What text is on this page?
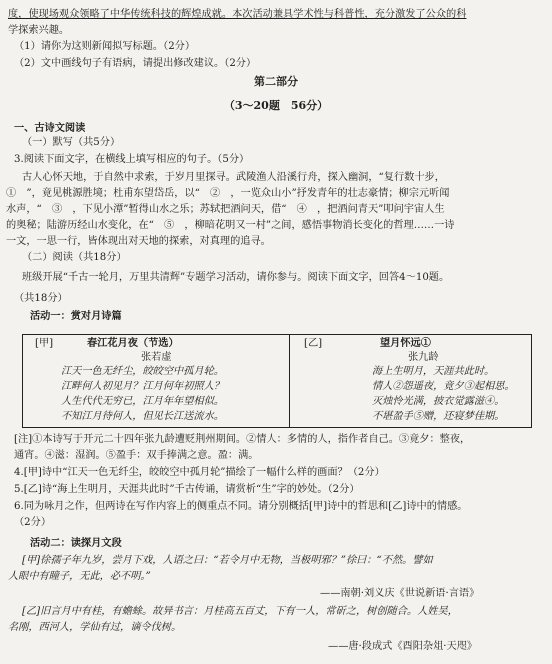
度，使现场观众领略了中华传统科技的辉煌成就。本次活动兼具学术性与科普性，充分激发了公众的科
学探索兴趣。
（1）请你为这则新闻拟写标题。（2分）
（2）文中画线句子有语病，请提出修改建议。（2分）
第二部分
（3～20题　56分）
一、古诗文阅读
（一）默写（共5分）
3.阅读下面文字，在横线上填写相应的句子。（5分）
古人心怀天地，于自然中求索，于岁月里探寻。武陵渔人沿溪行舟，探入幽洞，“复行数十步，
①　”，竟见桃源胜境；杜甫东望岱岳，以“　②　，一览众山小”抒发青年的壮志豪情；柳宗元听闻
水声，“　③　，下见小潭”暂得山水之乐；苏轼把酒问天，借“　④　，把酒问青天”叩问宇宙人生
的奥秘；陆游历经山水变化，在“　⑤　，柳暗花明又一村”之间，感悟事物消长变化的哲理……一诗
一文，一思一行，皆体现出对天地的探索，对真理的追寻。
（二）阅读（共18分）
班级开展“千古一轮月，万里共清辉”专题学习活动，请你参与。阅读下面文字，回答4～10题。
（共18分）
活动一：赏对月诗篇
[甲]	春江花月夜（节选）
张若虚
江天一色无纤尘，皎皎空中孤月轮。
江畔何人初见月？江月何年初照人？
人生代代无穷已，江月年年望相似。
不知江月待何人，但见长江送流水。
[乙]	望月怀远①
张九龄
海上生明月，天涯共此时。
情人②怨遥夜，竟夕③起相思。
灭烛怜光满，披衣觉露滋④。
不堪盈手⑤赠，还寝梦佳期。
[注]①本诗写于开元二十四年张九龄遭贬荆州期间。②情人：多情的人，指作者自己。③竟夕：整夜，
通宵。④滋：湿润。⑤盈手：双手捧满之意。盈：满。
4.[甲]诗中“江天一色无纤尘，皎皎空中孤月轮”描绘了一幅什么样的画面？（2分）
5.[乙]诗“海上生明月，天涯共此时”千古传诵，请赏析“生”字的妙处。（2分）
6.同为咏月之作，但两诗在写作内容上的侧重点不同。请分别概括[甲]诗中的哲思和[乙]诗中的情感。
（2分）
活动二：读探月文段
[甲]徐孺子年九岁，尝月下戏，人语之曰：“若令月中无物，当极明邪？”徐曰：“不然。譬如
人眼中有瞳子，无此，必不明。”
——南朝·刘义庆《世说新语·言语》
[乙]旧言月中有桂，有蟾蜍。故异书言：月桂高五百丈，下有一人，常斫之，树创随合。人姓吴，
名刚，西河人，学仙有过，谪令伐树。
——唐·段成式《酉阳杂俎·天咫》
